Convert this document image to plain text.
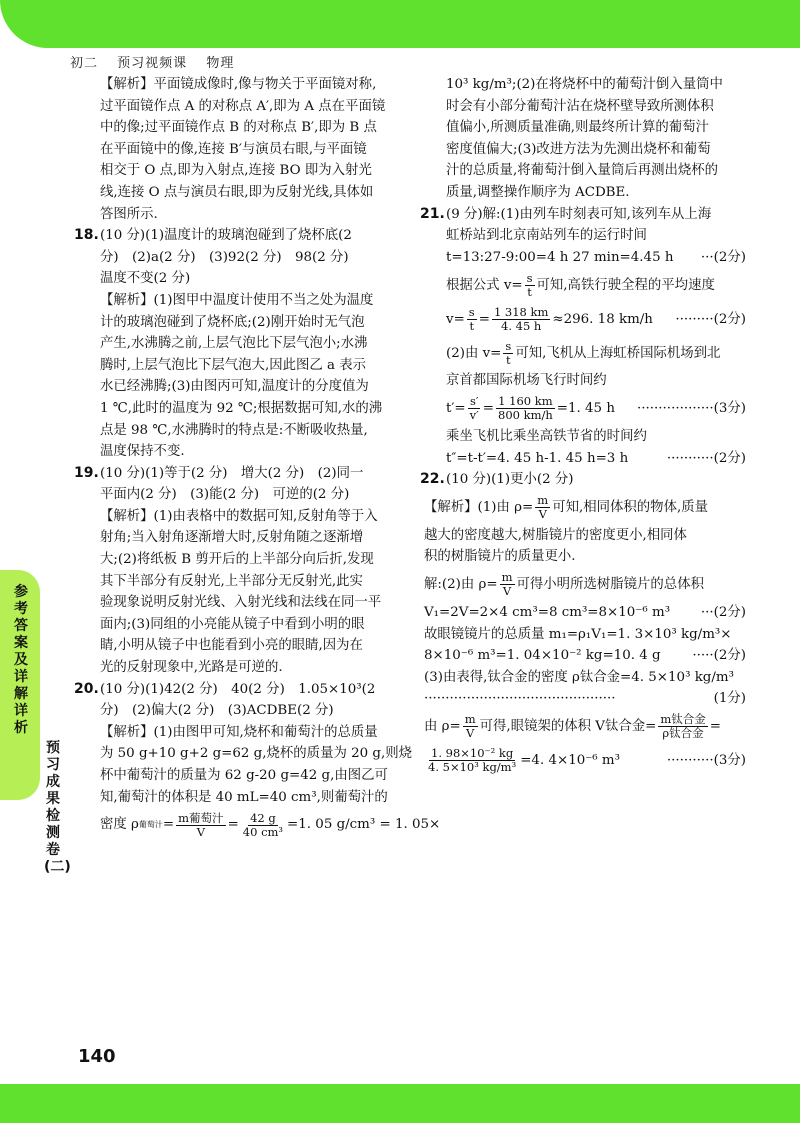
初二 预习视频课 物理

【解析】平面镜成像时,像与物关于平面镜对称,

过平面镜作点 A 的对称点 A′,即为 A 点在平面镜

中的像;过平面镜作点 B 的对称点 B′,即为 B 点

在平面镜中的像,连接 B′与演员右眼,与平面镜

相交于 O 点,即为入射点,连接 BO 即为入射光

线,连接 O 点与演员右眼,即为反射光线,具体如

答图所示.

18. (10 分)(1)温度计的玻璃泡碰到了烧杯底(2

分)　(2)a(2 分)　(3)92(2 分)　98(2 分)

温度不变(2 分)

【解析】(1)图甲中温度计使用不当之处为温度

计的玻璃泡碰到了烧杯底;(2)刚开始时无气泡

产生,水沸腾之前,上层气泡比下层气泡小;水沸

腾时,上层气泡比下层气泡大,因此图乙 a 表示

水已经沸腾;(3)由图丙可知,温度计的分度值为

1 ℃,此时的温度为 92 ℃;根据数据可知,水的沸

点是 98 ℃,水沸腾时的特点是:不断吸收热量,

温度保持不变.

19. (10 分)(1)等于(2 分)　增大(2 分)　(2)同一

平面内(2 分)　(3)能(2 分)　可逆的(2 分)

【解析】(1)由表格中的数据可知,反射角等于入

射角;当入射角逐渐增大时,反射角随之逐渐增

大;(2)将纸板 B 剪开后的上半部分向后折,发现

其下半部分有反射光,上半部分无反射光,此实

验现象说明反射光线、入射光线和法线在同一平

面内;(3)同组的小亮能从镜子中看到小明的眼

睛,小明从镜子中也能看到小亮的眼睛,因为在

光的反射现象中,光路是可逆的.

20. (10 分)(1)42(2 分)　40(2 分)　1.05×10³(2

分)　(2)偏大(2 分)　(3)ACDBE(2 分)

【解析】(1)由图甲可知,烧杯和葡萄汁的总质量

为 50 g+10 g+2 g=62 g,烧杯的质量为 20 g,则烧

杯中葡萄汁的质量为 62 g-20 g=42 g,由图乙可

知,葡萄汁的体积是 40 mL=40 cm³,则葡萄汁的

密度 ρ 葡萄汁 = $\frac{\text{m葡萄汁}}{V} = \frac{42 g}{\text{40 cm³}} =1$. 05 g/cm³ = 1. 05×

10³ kg/m³;(2)在将烧杯中的葡萄汁倒入量筒中

时会有小部分葡萄汁沾在烧杯壁导致所测体积

值偏小,所测质量准确,则最终所计算的葡萄汁

密度值偏大;(3)改进方法为先测出烧杯和葡萄

汁的总质量,将葡萄汁倒入量筒后再测出烧杯的

质量,调整操作顺序为 ACDBE.

21. (9 分)解:(1)由列车时刻表可知,该列车从上海

虹桥站到北京南站列车的运行时间

t=13:27-9:00=4 h 27 min=4.45 h ··· (2分)

根据公式 $v= \frac{s}{t}$ 可知,高铁行驶全程的平均速度
$v= \frac{s}{t} = \frac{1 318 km}{4. 45 h} \approx 296$. 18 km/h ········· (2分)
(2)由 $v= \frac{s}{t}$ 可知,飞机从上海虹桥国际机场到北

京首都国际机场飞行时间约

$t'= \frac{s'}{v'} = \frac{1 160 km}{800 km/h} =1$. 45 h ·················· (3分)

乘坐飞机比乘坐高铁节省的时间约

t″=t-t′=4. 45 h-1. 45 h=3 h	··········· (2分)

22. (10 分)(1)更小(2 分)

【解析】(1)由 $\rho= \frac{m}{V}$ 可知,相同体积的物体,质量

越大的密度越大,树脂镜片的密度更小,相同体

积的树脂镜片的质量更小.

解:(2)由 $\rho= \frac{m}{V}$ 可得小明所选树脂镜片的总体积

V₁=2V=2×4 cm³=8 cm³=8×10⁻⁶ m³ ··· (2分)

故眼镜镜片的总质量 m₁=ρ₁V₁=1. 3×10³ kg/m³×

8×10⁻⁶ m³=1. 04×10⁻² kg=10. 4 g ····· (2分)

(3)由表得,钛合金的密度 ρ钛合金=4. 5×10³ kg/m³

·············································	(1分)

由 $\rho= \frac{m}{V}$ 可得,眼镜架的体积 V钛合金= $\frac{\text{m钛合金}}{\text{ρ钛合金}}$ =
$\frac{\text{1. 98×10⁻² kg}}{\text{4. 5×10³ kg/m³}} =4$. 4×10⁻⁶ m³	··········· (3分)
参考答案及详解详析
预习成果检测卷(二)
140
